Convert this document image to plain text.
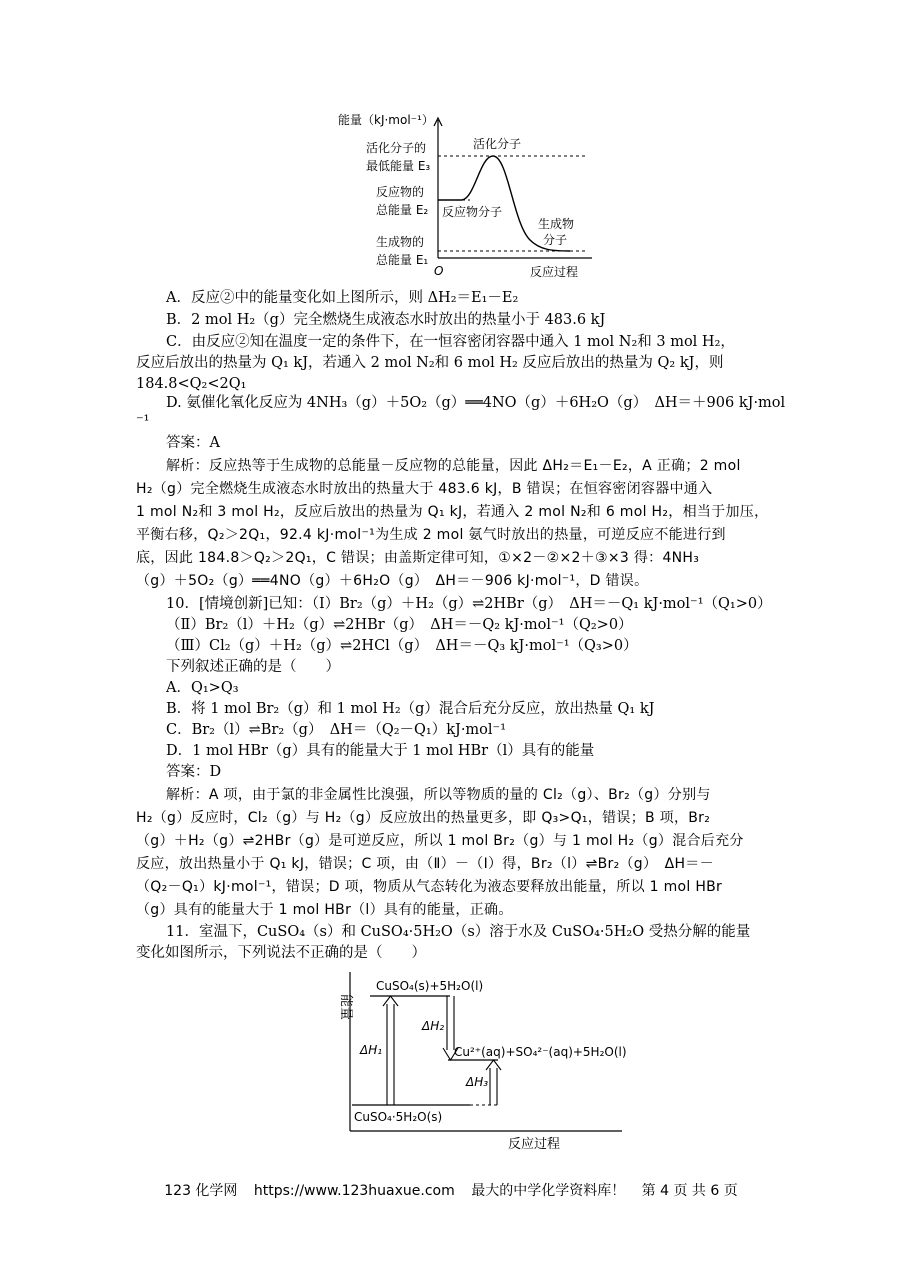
能量（kJ·mol⁻¹）
活化分子的
最低能量 E₃
反应物的
总能量 E₂
生成物的
总能量 E₁
O	反应过程
活化分子
反应物分子
生成物
分子
A．反应②中的能量变化如上图所示，则 ΔH₂＝E₁－E₂
B．2 mol H₂（g）完全燃烧生成液态水时放出的热量小于 483.6 kJ
C．由反应②知在温度一定的条件下，在一恒容密闭容器中通入 1 mol N₂和 3 mol H₂，
反应后放出的热量为 Q₁ kJ，若通入 2 mol N₂和 6 mol H₂ 反应后放出的热量为 Q₂ kJ，则
184.8<Q₂<2Q₁
D. 氨催化氧化反应为 4NH₃（g）＋5O₂（g）══4NO（g）＋6H₂O（g）　ΔH＝＋906 kJ·mol
⁻¹
答案：A
解析：反应热等于生成物的总能量－反应物的总能量，因此 ΔH₂＝E₁－E₂，A 正确；2 mol
H₂（g）完全燃烧生成液态水时放出的热量大于 483.6 kJ，B 错误；在恒容密闭容器中通入
1 mol N₂和 3 mol H₂，反应后放出的热量为 Q₁ kJ，若通入 2 mol N₂和 6 mol H₂，相当于加压，
平衡右移，Q₂＞2Q₁，92.4 kJ·mol⁻¹为生成 2 mol 氨气时放出的热量，可逆反应不能进行到
底，因此 184.8＞Q₂＞2Q₁，C 错误；由盖斯定律可知，①×2－②×2＋③×3 得：4NH₃
（g）＋5O₂（g）══4NO（g）＋6H₂O（g）　ΔH＝－906 kJ·mol⁻¹，D 错误。
10．[情境创新]已知：（Ⅰ）Br₂（g）＋H₂（g）⇌2HBr（g）　ΔH＝－Q₁ kJ·mol⁻¹（Q₁>0）
（Ⅱ）Br₂（l）＋H₂（g）⇌2HBr（g）　ΔH＝－Q₂ kJ·mol⁻¹（Q₂>0）
（Ⅲ）Cl₂（g）＋H₂（g）⇌2HCl（g）　ΔH＝－Q₃ kJ·mol⁻¹（Q₃>0）
下列叙述正确的是（　　）
A．Q₁>Q₃
B．将 1 mol Br₂（g）和 1 mol H₂（g）混合后充分反应，放出热量 Q₁ kJ
C．Br₂（l）⇌Br₂（g）　ΔH＝（Q₂－Q₁）kJ·mol⁻¹
D．1 mol HBr（g）具有的能量大于 1 mol HBr（l）具有的能量
答案：D
解析：A 项，由于氯的非金属性比溴强，所以等物质的量的 Cl₂（g）、Br₂（g）分别与
H₂（g）反应时，Cl₂（g）与 H₂（g）反应放出的热量更多，即 Q₃>Q₁，错误；B 项，Br₂
（g）＋H₂（g）⇌2HBr（g）是可逆反应，所以 1 mol Br₂（g）与 1 mol H₂（g）混合后充分
反应，放出热量小于 Q₁ kJ，错误；C 项，由（Ⅱ）－（Ⅰ）得，Br₂（l）⇌Br₂（g）　ΔH＝－
（Q₂－Q₁）kJ·mol⁻¹，错误；D 项，物质从气态转化为液态要释放出能量，所以 1 mol HBr
（g）具有的能量大于 1 mol HBr（l）具有的能量，正确。
11．室温下，CuSO₄（s）和 CuSO₄·5H₂O（s）溶于水及 CuSO₄·5H₂O 受热分解的能量
变化如图所示，下列说法不正确的是（　　）
能量
反应过程
CuSO₄(s)+5H₂O(l)
Cu²⁺(aq)+SO₄²⁻(aq)+5H₂O(l)
CuSO₄·5H₂O(s)
ΔH₁
ΔH₂
ΔH₃
123 化学网 https://www.123huaxue.com 最大的中学化学资料库！ 第 4 页 共 6 页
